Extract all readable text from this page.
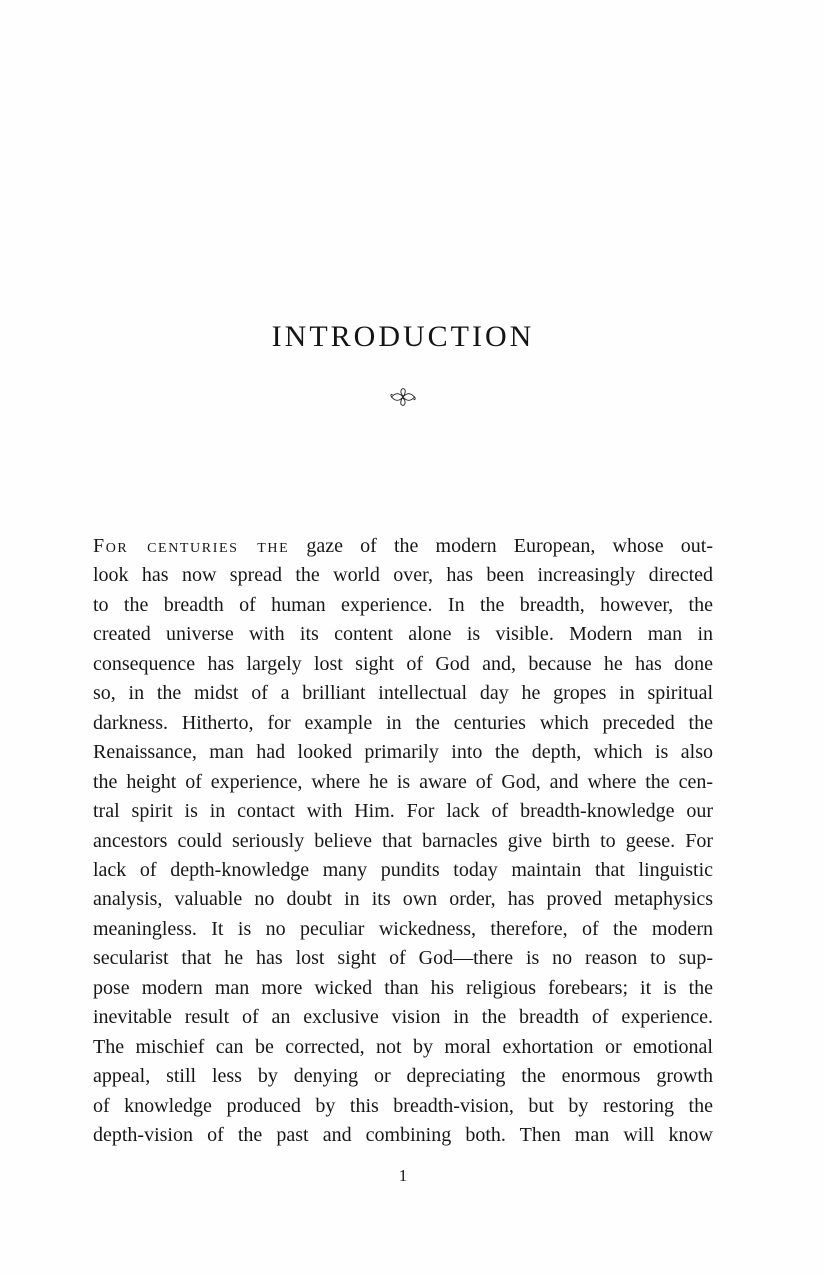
INTRODUCTION
For centuries the gaze of the modern European, whose out-
look has now spread the world over, has been increasingly directed
to the breadth of human experience. In the breadth, however, the
created universe with its content alone is visible. Modern man in
consequence has largely lost sight of God and, because he has done
so, in the midst of a brilliant intellectual day he gropes in spiritual
darkness. Hitherto, for example in the centuries which preceded the
Renaissance, man had looked primarily into the depth, which is also
the height of experience, where he is aware of God, and where the cen-
tral spirit is in contact with Him. For lack of breadth-knowledge our
ancestors could seriously believe that barnacles give birth to geese. For
lack of depth-knowledge many pundits today maintain that linguistic
analysis, valuable no doubt in its own order, has proved metaphysics
meaningless. It is no peculiar wickedness, therefore, of the modern
secularist that he has lost sight of God—there is no reason to sup-
pose modern man more wicked than his religious forebears; it is the
inevitable result of an exclusive vision in the breadth of experience.
The mischief can be corrected, not by moral exhortation or emotional
appeal, still less by denying or depreciating the enormous growth
of knowledge produced by this breadth-vision, but by restoring the
depth-vision of the past and combining both. Then man will know
1
